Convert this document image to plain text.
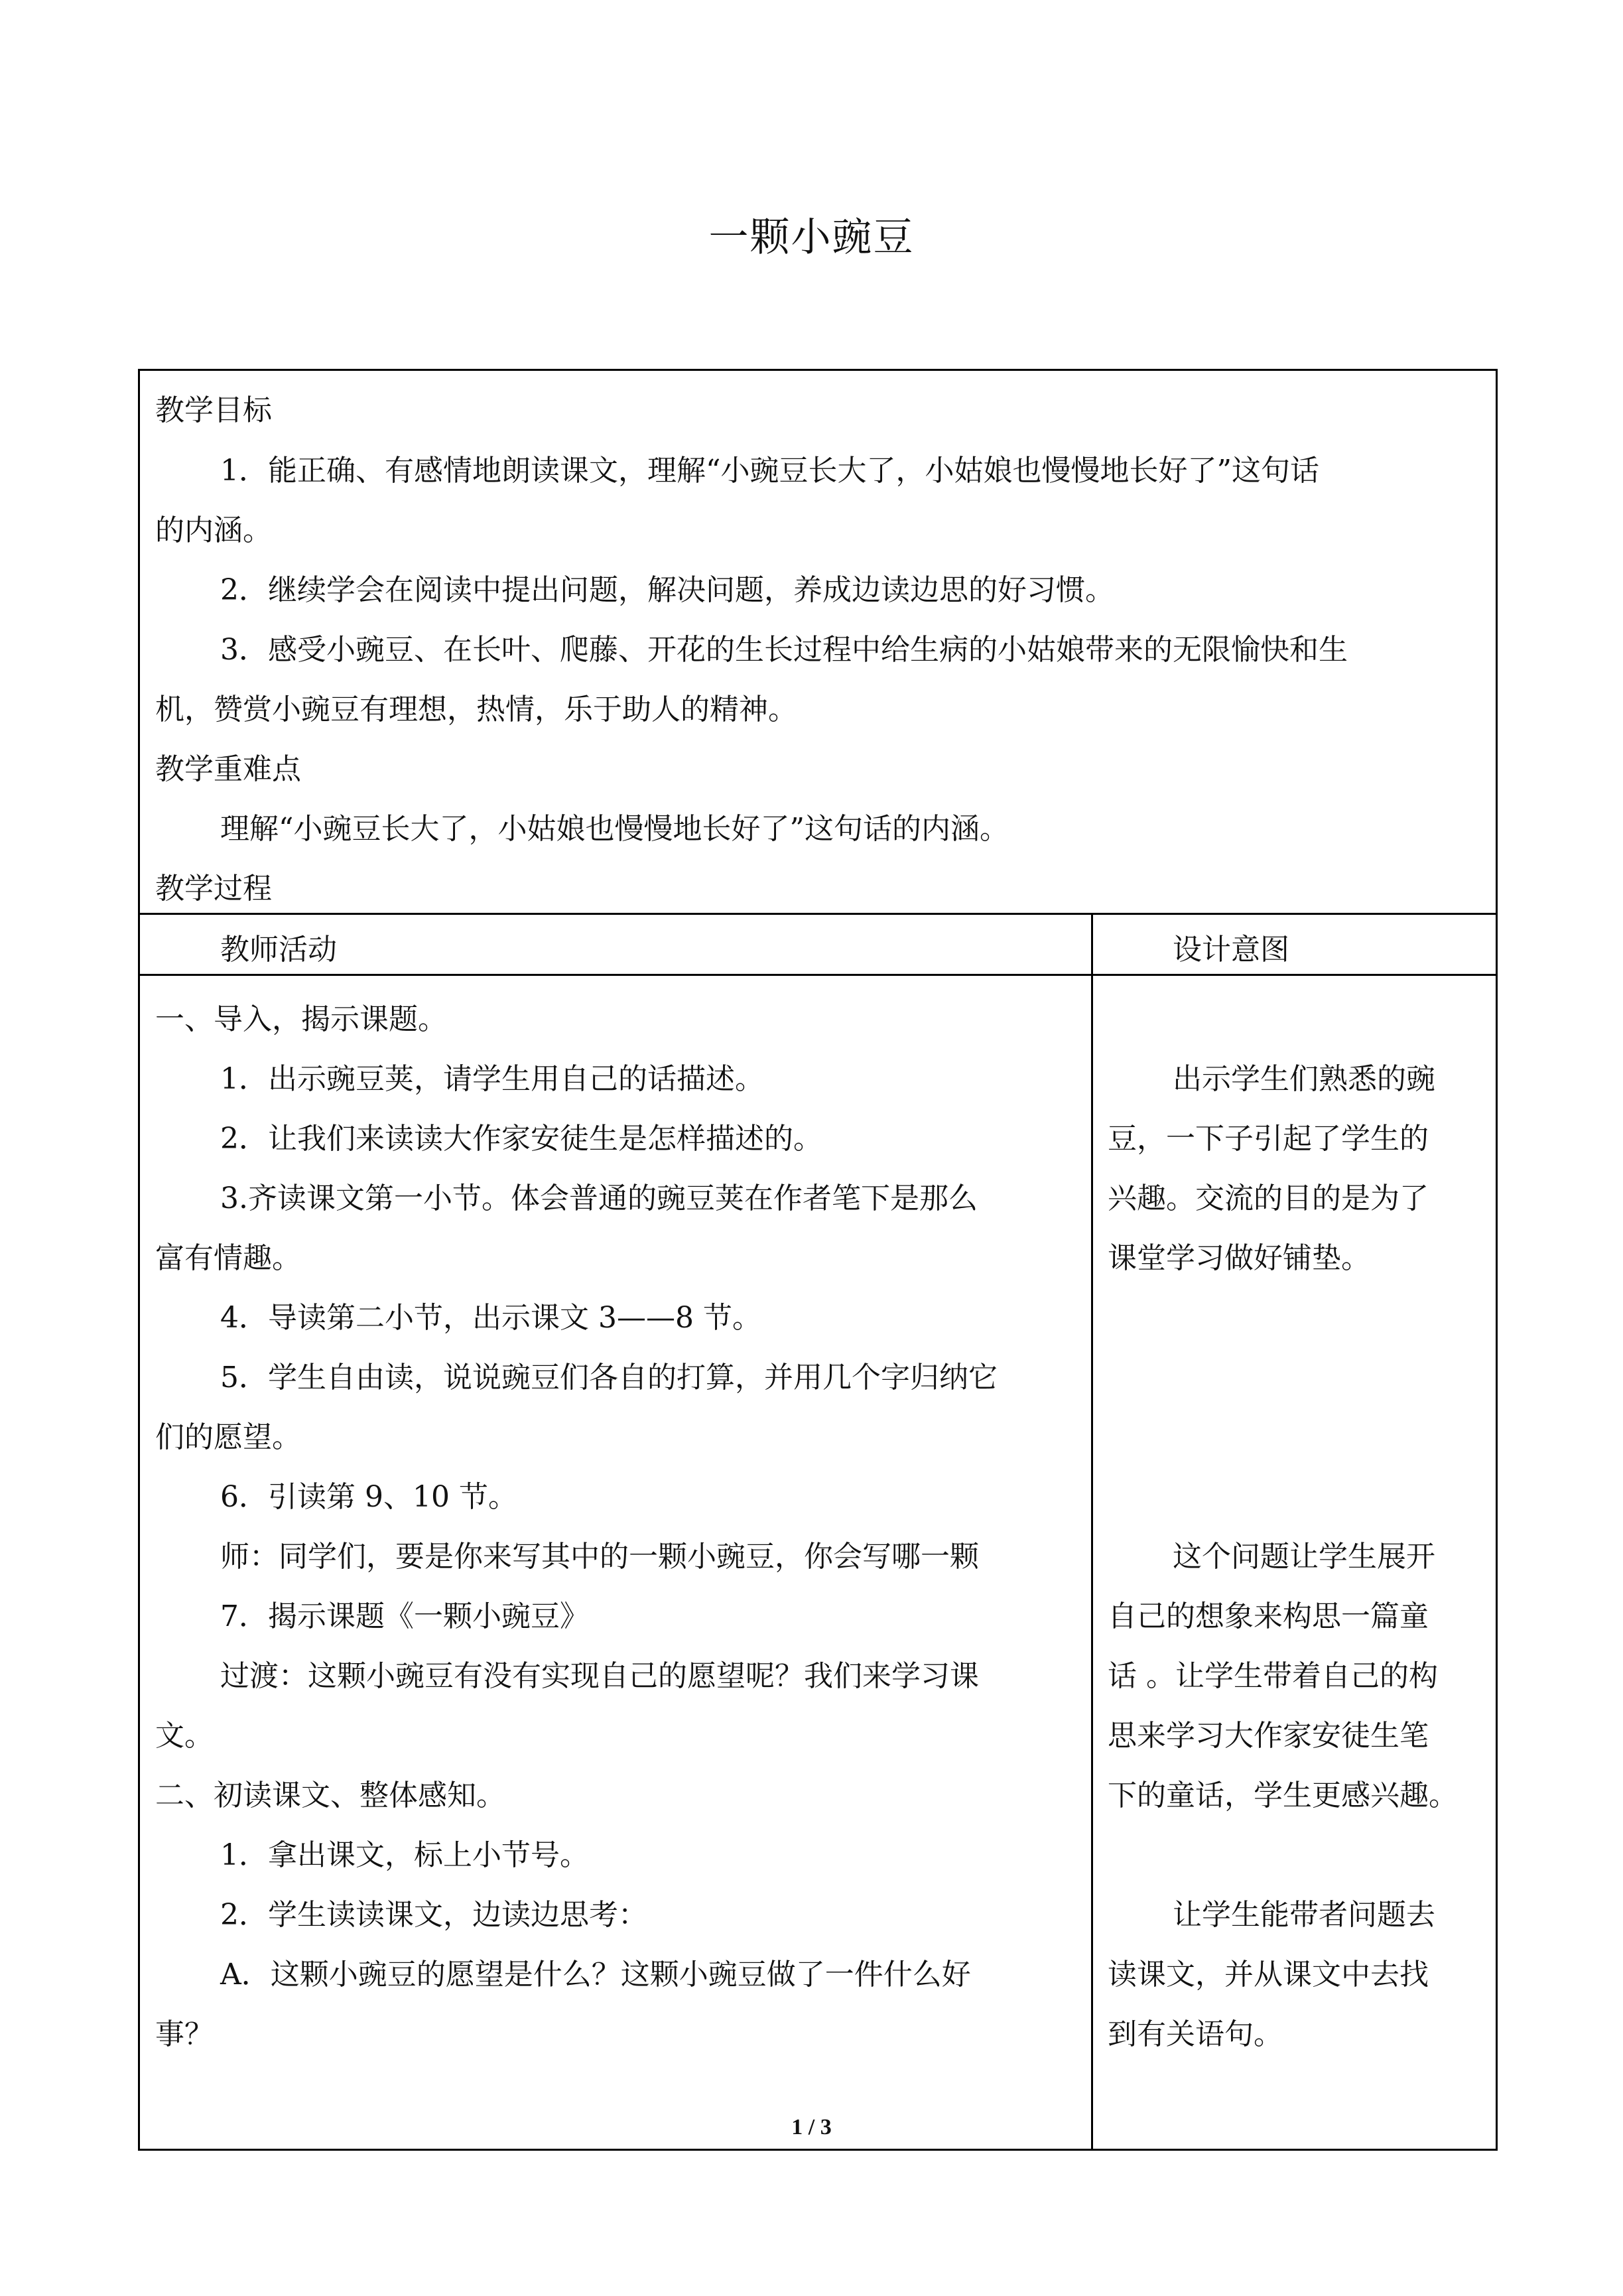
一颗小豌豆
教学目标
1．能正确、有感情地朗读课文，理解“小豌豆长大了，小姑娘也慢慢地长好了”这句话
的内涵。
2．继续学会在阅读中提出问题，解决问题，养成边读边思的好习惯。
3．感受小豌豆、在长叶、爬藤、开花的生长过程中给生病的小姑娘带来的无限愉快和生
机，赞赏小豌豆有理想，热情，乐于助人的精神。
教学重难点
理解“小豌豆长大了，小姑娘也慢慢地长好了”这句话的内涵。
教学过程
教师活动	设计意图
一、导入，揭示课题。
1．出示豌豆荚，请学生用自己的话描述。
2．让我们来读读大作家安徒生是怎样描述的。
3.齐读课文第一小节。体会普通的豌豆荚在作者笔下是那么
富有情趣。
4．导读第二小节，出示课文 3——8 节。
5．学生自由读，说说豌豆们各自的打算，并用几个字归纳它
们的愿望。
6．引读第 9、10 节。
师：同学们，要是你来写其中的一颗小豌豆，你会写哪一颗
7．揭示课题《一颗小豌豆》
过渡：这颗小豌豆有没有实现自己的愿望呢？我们来学习课
文。
二、初读课文、整体感知。
1．拿出课文，标上小节号。
2．学生读读课文，边读边思考：
A．这颗小豌豆的愿望是什么？这颗小豌豆做了一件什么好
事？
出示学生们熟悉的豌
豆，一下子引起了学生的
兴趣。交流的目的是为了
课堂学习做好铺垫。
这个问题让学生展开
自己的想象来构思一篇童
话 。让学生带着自己的构
思来学习大作家安徒生笔
下的童话，学生更感兴趣。
让学生能带者问题去
读课文，并从课文中去找
到有关语句。
1 / 3
